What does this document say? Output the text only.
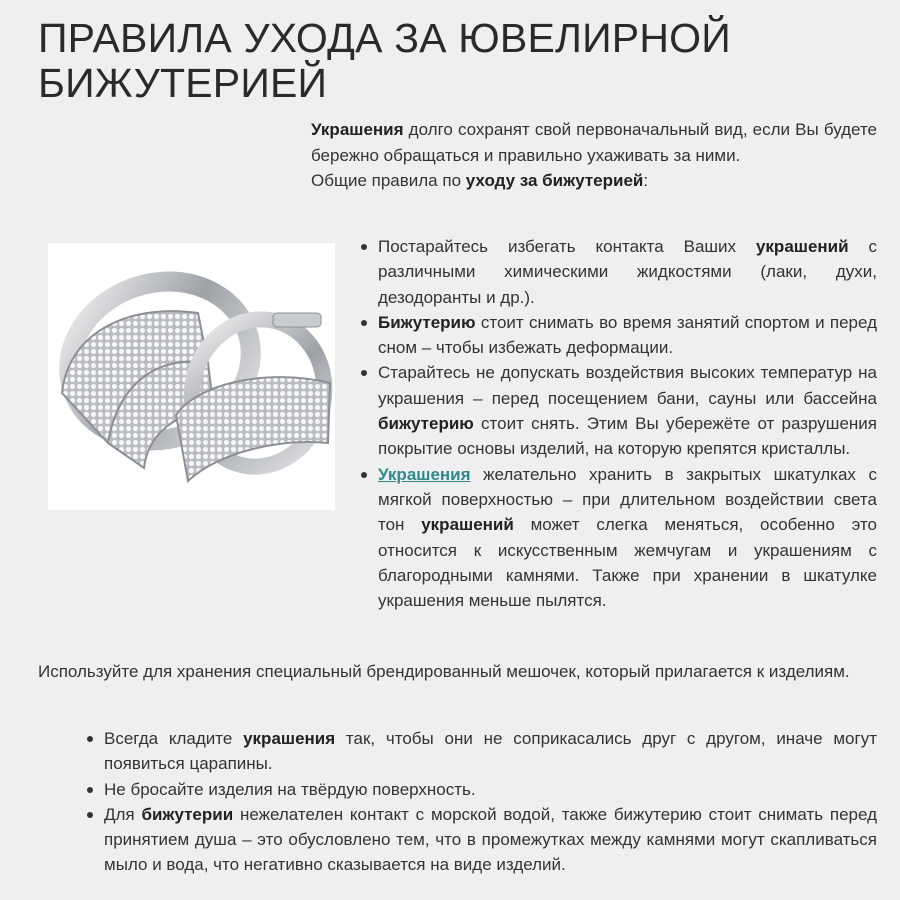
ПРАВИЛА УХОДА ЗА ЮВЕЛИРНОЙ БИЖУТЕРИЕЙ

Украшения долго сохранят свой первоначальный вид, если Вы будете бережно обращаться и правильно ухаживать за ними.

Общие правила по уходу за бижутерией:

Постарайтесь избегать контакта Ваших украшений с различными химическими жидкостями (лаки, духи, дезодоранты и др.).
Бижутерию стоит снимать во время занятий спортом и перед сном – чтобы избежать деформации.
Старайтесь не допускать воздействия высоких температур на украшения – перед посещением бани, сауны или бассейна бижутерию стоит снять. Этим Вы убережёте от разрушения покрытие основы изделий, на которую крепятся кристаллы.
Украшения желательно хранить в закрытых шкатулках с мягкой поверхностью – при длительном воздействии света тон украшений может слегка меняться, особенно это относится к искусственным жемчугам и украшениям с благородными камнями. Также при хранении в шкатулке украшения меньше пылятся.

Используйте для хранения специальный брендированный мешочек, который прилагается к изделиям.

Всегда кладите украшения так, чтобы они не соприкасались друг с другом, иначе могут появиться царапины.
Не бросайте изделия на твёрдую поверхность.
Для бижутерии нежелателен контакт с морской водой, также бижутерию стоит снимать перед принятием душа – это обусловлено тем, что в промежутках между камнями могут скапливаться мыло и вода, что негативно сказывается на виде изделий.
